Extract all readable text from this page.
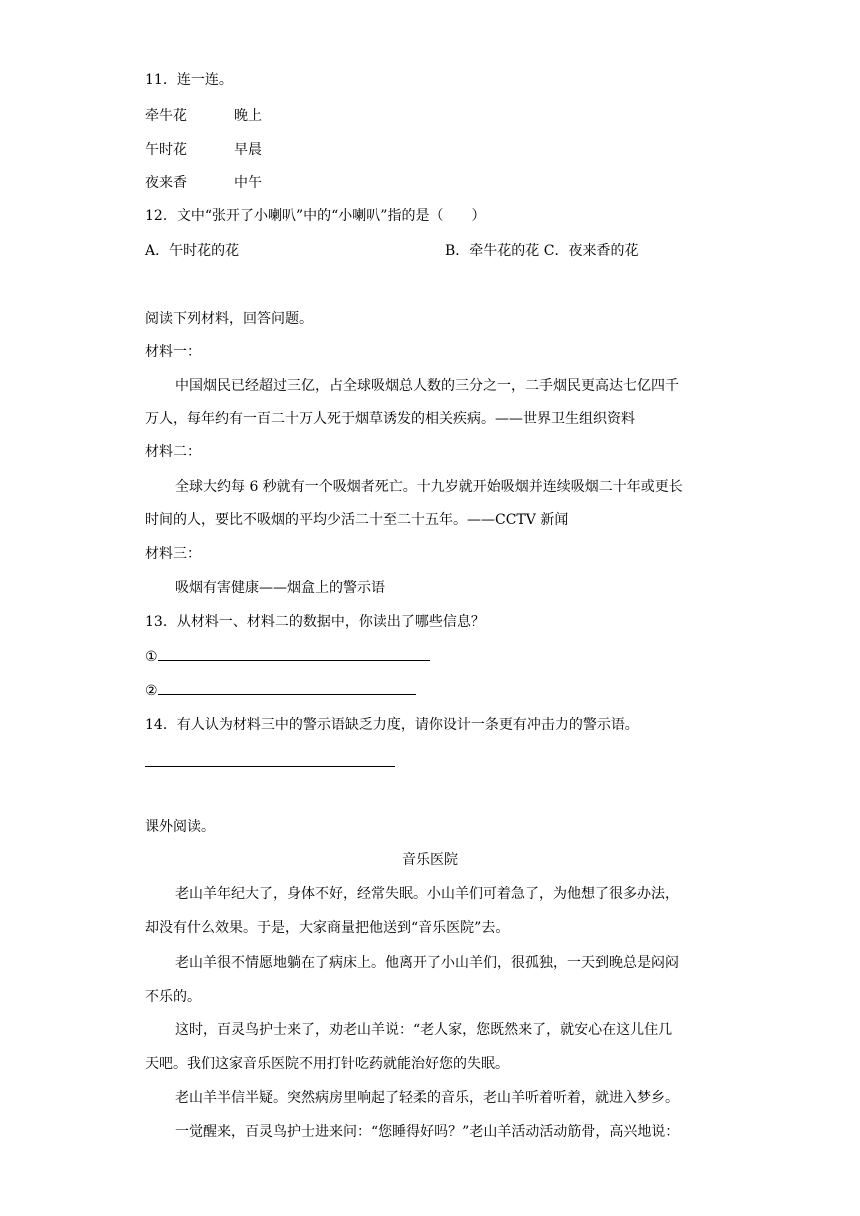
11．连一连。
牵牛花	晚上
午时花	早晨
夜来香	中午
12．文中“张开了小喇叭”中的“小喇叭”指的是（　　）
A．午时花的花	B．牵牛花的花 C．夜来香的花
阅读下列材料，回答问题。
材料一：
中国烟民已经超过三亿，占全球吸烟总人数的三分之一，二手烟民更高达七亿四千
万人，每年约有一百二十万人死于烟草诱发的相关疾病。——世界卫生组织资料
材料二：
全球大约每 6 秒就有一个吸烟者死亡。十九岁就开始吸烟并连续吸烟二十年或更长
时间的人，要比不吸烟的平均少活二十至二十五年。——CCTV 新闻
材料三：
吸烟有害健康——烟盒上的警示语
13．从材料一、材料二的数据中，你读出了哪些信息？
①
②
14．有人认为材料三中的警示语缺乏力度，请你设计一条更有冲击力的警示语。
课外阅读。
音乐医院
老山羊年纪大了，身体不好，经常失眠。小山羊们可着急了，为他想了很多办法，
却没有什么效果。于是，大家商量把他送到“音乐医院”去。
老山羊很不情愿地躺在了病床上。他离开了小山羊们，很孤独，一天到晚总是闷闷
不乐的。
这时，百灵鸟护士来了，劝老山羊说：“老人家，您既然来了，就安心在这儿住几
天吧。我们这家音乐医院不用打针吃药就能治好您的失眠。
老山羊半信半疑。突然病房里响起了轻柔的音乐，老山羊听着听着，就进入梦乡。
一觉醒来，百灵鸟护士进来问：“您睡得好吗？”老山羊活动活动筋骨，高兴地说：
